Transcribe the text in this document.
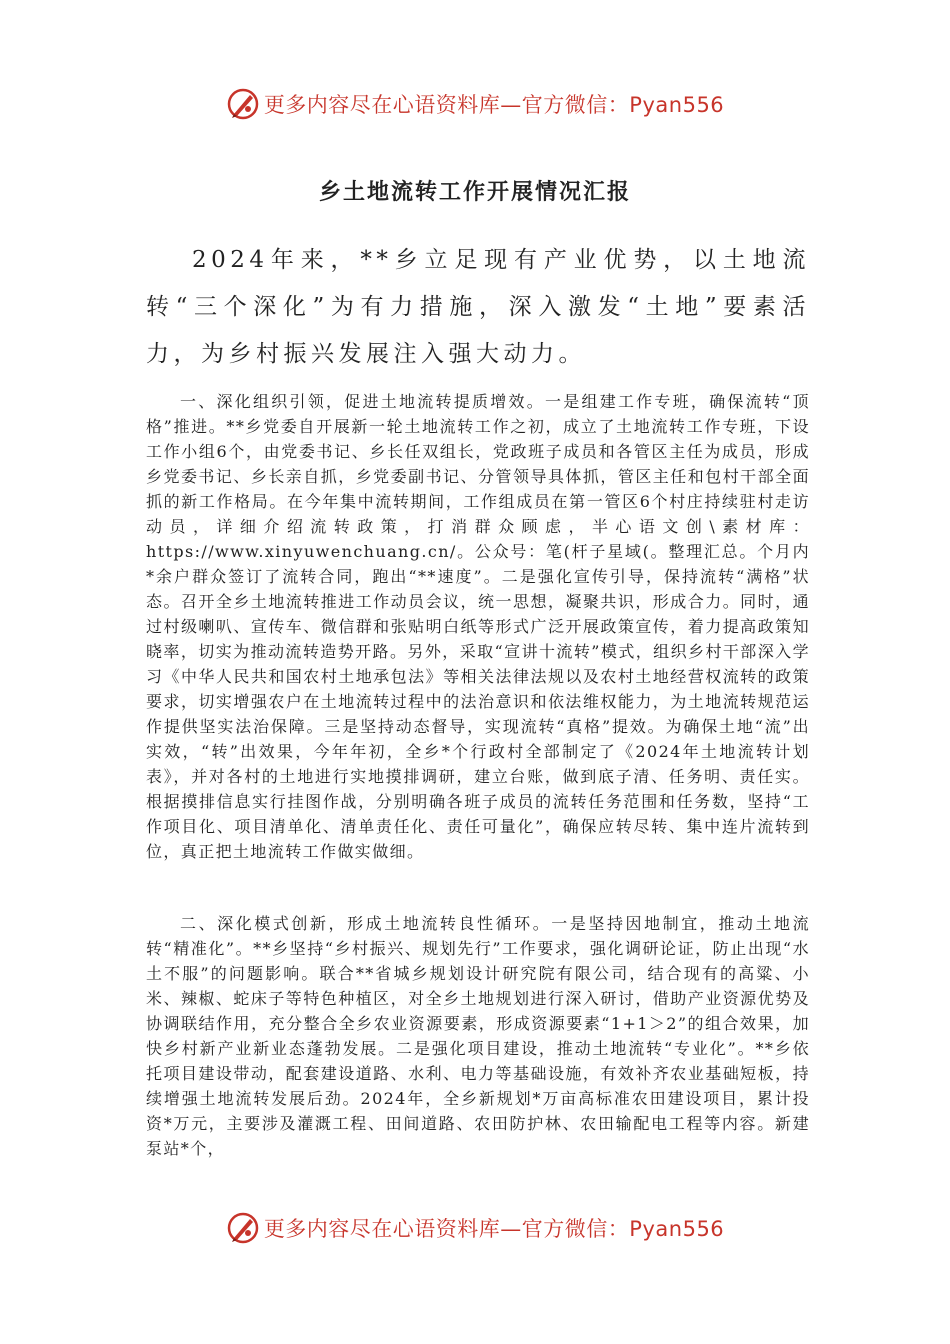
更多内容尽在心语资料库—官方微信：Pyan556
乡土地流转工作开展情况汇报

2024年来，**乡立足现有产业优势，以土地流转“三个深化”为有力措施，深入激发“土地”要素活力，为乡村振兴发展注入强大动力。

一、深化组织引领，促进土地流转提质增效。一是组建工作专班，确保流转“顶格”推进。**乡党委自开展新一轮土地流转工作之初，成立了土地流转工作专班，下设工作小组6个，由党委书记、乡长任双组长，党政班子成员和各管区主任为成员，形成乡党委书记、乡长亲自抓，乡党委副书记、分管领导具体抓，管区主任和包村干部全面抓的新工作格局。在今年集中流转期间，工作组成员在第一管区6个村庄持续驻村走访动员，详细介绍流转政策，打消群众顾虑，半心语文创\素材库：https://www.xinyuwenchuang.cn/。公众号：笔(杆子星域(。整理汇总。个月内*余户群众签订了流转合同，跑出“**速度”。二是强化宣传引导，保持流转“满格”状态。召开全乡土地流转推进工作动员会议，统一思想，凝聚共识，形成合力。同时，通过村级喇叭、宣传车、微信群和张贴明白纸等形式广泛开展政策宣传，着力提高政策知晓率，切实为推动流转造势开路。另外，采取“宣讲十流转”模式，组织乡村干部深入学习《中华人民共和国农村土地承包法》等相关法律法规以及农村土地经营权流转的政策要求，切实增强农户在土地流转过程中的法治意识和依法维权能力，为土地流转规范运作提供坚实法治保障。三是坚持动态督导，实现流转“真格”提效。为确保土地“流”出实效，“转”出效果，今年年初，全乡*个行政村全部制定了《2024年土地流转计划表》，并对各村的土地进行实地摸排调研，建立台账，做到底子清、任务明、责任实。根据摸排信息实行挂图作战，分别明确各班子成员的流转任务范围和任务数，坚持“工作项目化、项目清单化、清单责任化、责任可量化”，确保应转尽转、集中连片流转到位，真正把土地流转工作做实做细。

二、深化模式创新，形成土地流转良性循环。一是坚持因地制宜，推动土地流转“精准化”。**乡坚持“乡村振兴、规划先行”工作要求，强化调研论证，防止出现“水土不服”的问题影响。联合**省城乡规划设计研究院有限公司，结合现有的高粱、小米、辣椒、蛇床子等特色种植区，对全乡土地规划进行深入研讨，借助产业资源优势及协调联结作用，充分整合全乡农业资源要素，形成资源要素“1+1＞2”的组合效果，加快乡村新产业新业态蓬勃发展。二是强化项目建设，推动土地流转“专业化”。**乡依托项目建设带动，配套建设道路、水利、电力等基础设施，有效补齐农业基础短板，持续增强土地流转发展后劲。2024年，全乡新规划*万亩高标准农田建设项目，累计投资*万元，主要涉及灌溉工程、田间道路、农田防护林、农田输配电工程等内容。新建泵站*个，

更多内容尽在心语资料库—官方微信：Pyan556
